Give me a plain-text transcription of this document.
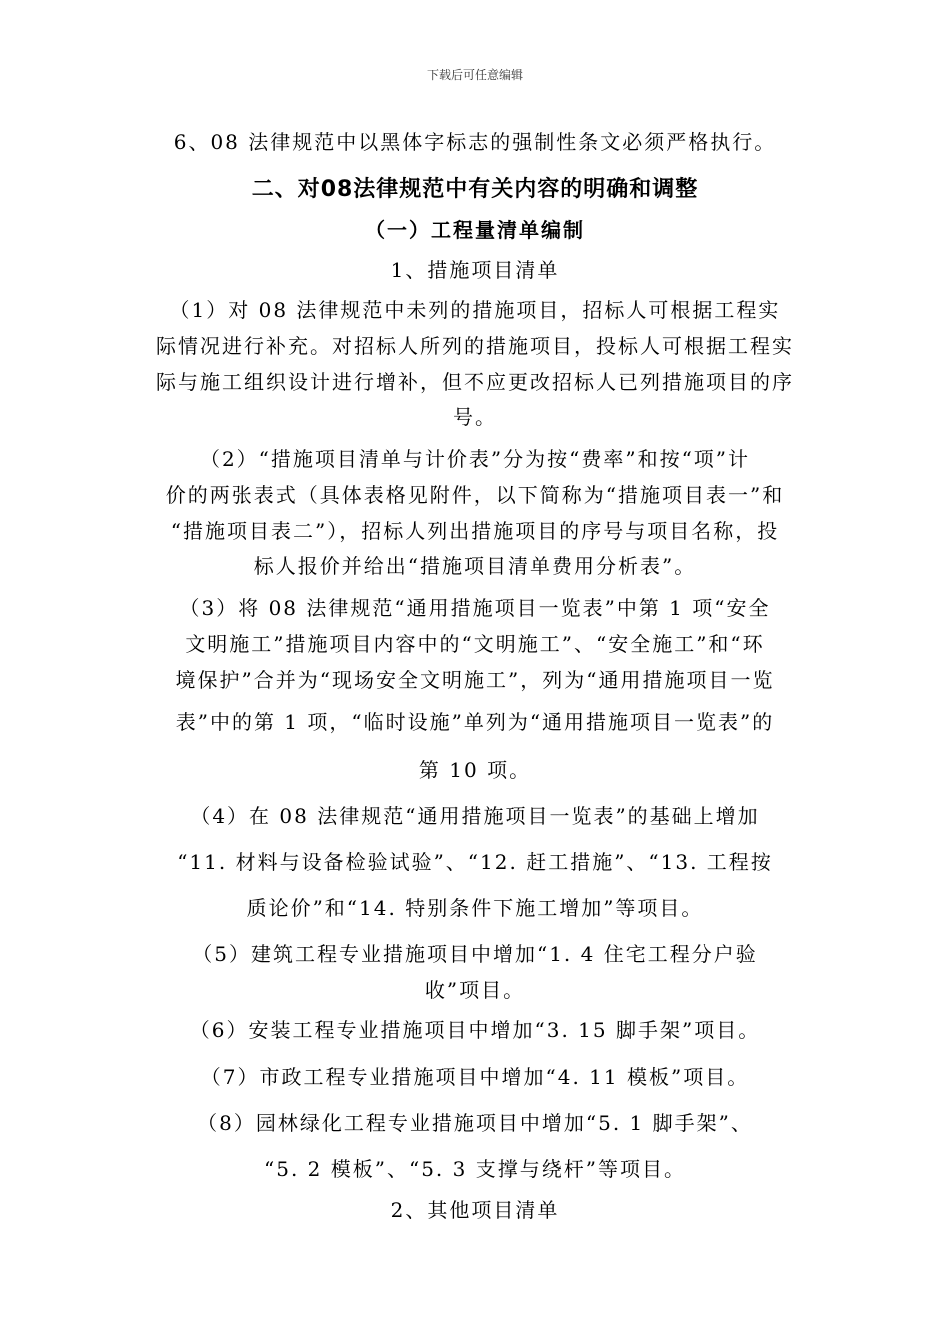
下载后可任意编辑
6、08 法律规范中以黑体字标志的强制性条文必须严格执行。
二、对08法律规范中有关内容的明确和调整
（一）工程量清单编制
1、措施项目清单
（1）对 08 法律规范中未列的措施项目，招标人可根据工程实
际情况进行补充。对招标人所列的措施项目，投标人可根据工程实
际与施工组织设计进行增补，但不应更改招标人已列措施项目的序
号。
（2）“措施项目清单与计价表”分为按“费率”和按“项”计
价的两张表式（具体表格见附件，以下简称为“措施项目表一”和
“措施项目表二”），招标人列出措施项目的序号与项目名称，投
标人报价并给出“措施项目清单费用分析表”。
（3）将 08 法律规范“通用措施项目一览表”中第 1 项“安全
文明施工”措施项目内容中的“文明施工”、“安全施工”和“环
境保护”合并为“现场安全文明施工”，列为“通用措施项目一览
表”中的第 1 项，“临时设施”单列为“通用措施项目一览表”的
第 10 项。
（4）在 08 法律规范“通用措施项目一览表”的基础上增加
“11. 材料与设备检验试验”、“12. 赶工措施”、“13. 工程按
质论价”和“14. 特别条件下施工增加”等项目。
（5）建筑工程专业措施项目中增加“1. 4 住宅工程分户验
收”项目。
（6）安装工程专业措施项目中增加“3. 15 脚手架”项目。
（7）市政工程专业措施项目中增加“4. 11 模板”项目。
（8）园林绿化工程专业措施项目中增加“5. 1 脚手架”、
“5. 2 模板”、“5. 3 支撑与绕杆”等项目。
2、其他项目清单
